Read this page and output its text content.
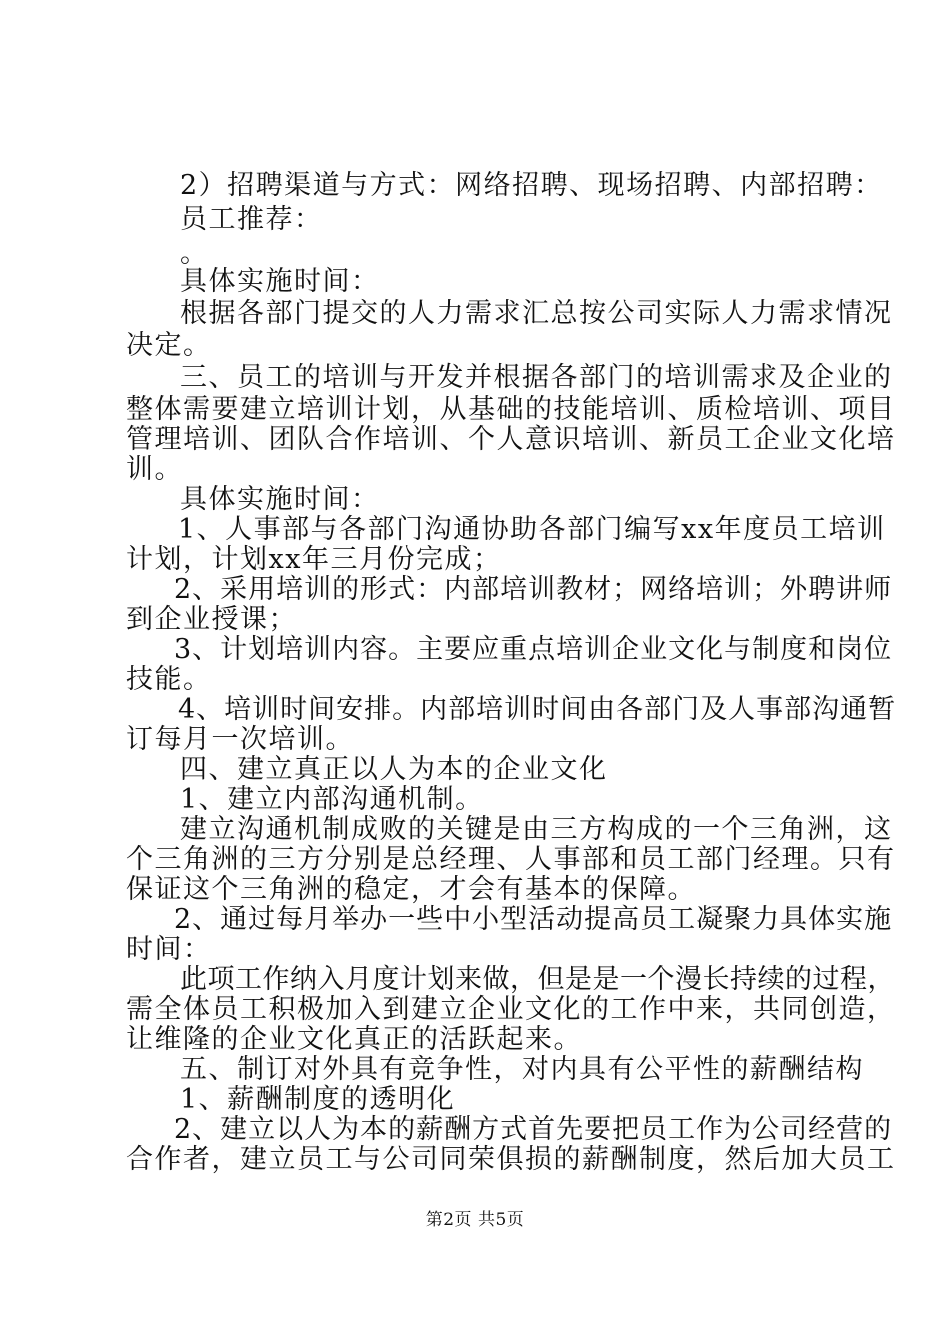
2）招聘渠道与方式：网络招聘、现场招聘、内部招聘：
员工推荐：
。
具体实施时间：
根据各部门提交的人力需求汇总按公司实际人力需求情况
决定。
三、员工的培训与开发并根据各部门的培训需求及企业的
整体需要建立培训计划，从基础的技能培训、质检培训、项目
管理培训、团队合作培训、个人意识培训、新员工企业文化培
训。
具体实施时间：
1、人事部与各部门沟通协助各部门编写xx年度员工培训
计划，计划xx年三月份完成；
2、采用培训的形式：内部培训教材；网络培训；外聘讲师
到企业授课；
3、计划培训内容。主要应重点培训企业文化与制度和岗位
技能。
4、培训时间安排。内部培训时间由各部门及人事部沟通暂
订每月一次培训。
四、建立真正以人为本的企业文化
1、建立内部沟通机制。
建立沟通机制成败的关键是由三方构成的一个三角洲，这
个三角洲的三方分别是总经理、人事部和员工部门经理。只有
保证这个三角洲的稳定，才会有基本的保障。
2、通过每月举办一些中小型活动提高员工凝聚力具体实施
时间：
此项工作纳入月度计划来做，但是是一个漫长持续的过程，
需全体员工积极加入到建立企业文化的工作中来，共同创造，
让维隆的企业文化真正的活跃起来。
五、制订对外具有竞争性，对内具有公平性的薪酬结构
1、薪酬制度的透明化
2、建立以人为本的薪酬方式首先要把员工作为公司经营的
合作者，建立员工与公司同荣俱损的薪酬制度，然后加大员工
第2页 共5页
